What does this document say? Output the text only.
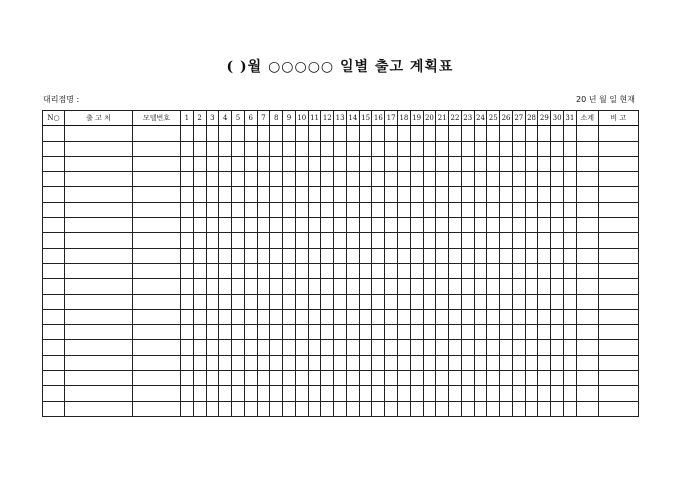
( )월 ○○○○○ 일별 출고 계획표
대리점명 :	20 년 월 일 현재
N○	출 고 처	모델번호	1	2	3	4	5	6	7	8	9	10	11	12	13	14	15	16	17	18	19	20	21	22	23	24	25	26	27	28	29	30	31	소계	비 고
